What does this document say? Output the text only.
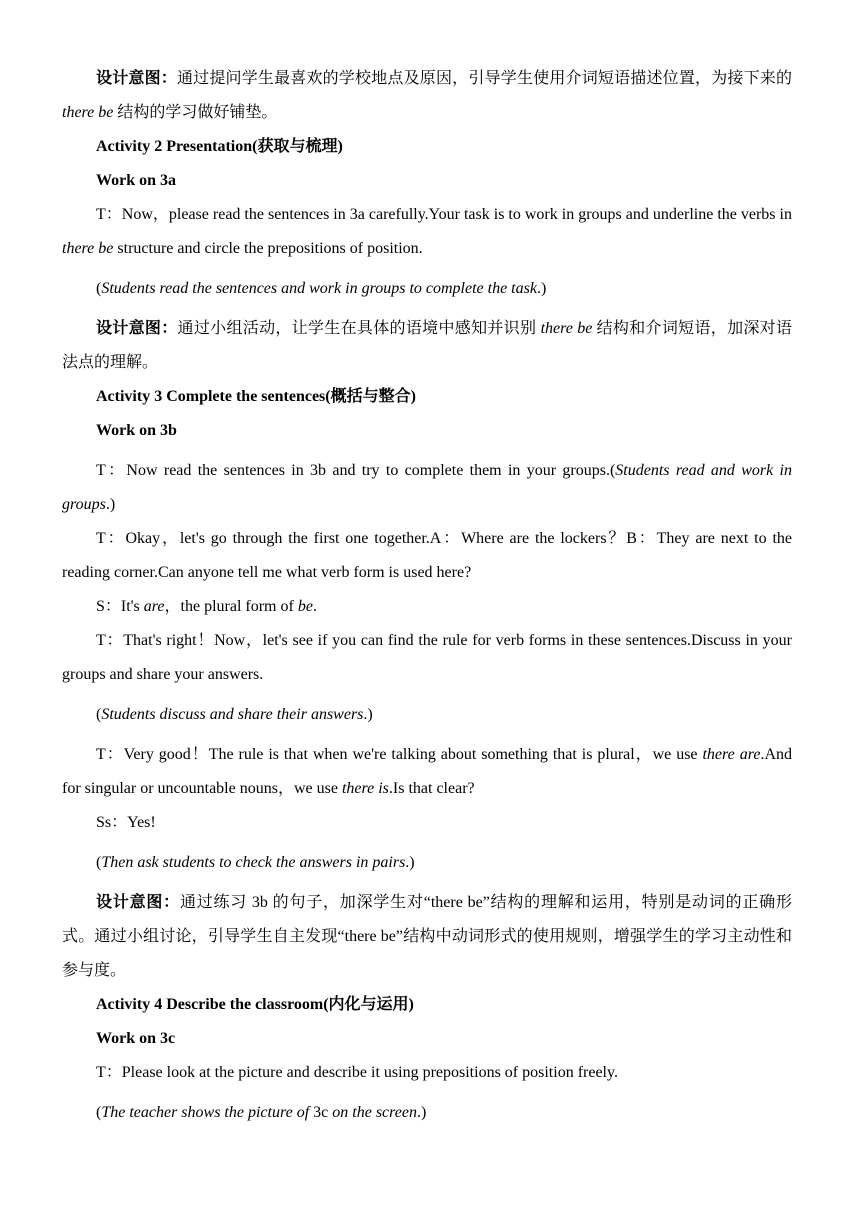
设计意图：通过提问学生最喜欢的学校地点及原因，引导学生使用介词短语描述位置，为接下来的 there be 结构的学习做好铺垫。

Activity 2 Presentation(获取与梳理)

Work on 3a

T：Now，please read the sentences in 3a carefully.Your task is to work in groups and underline the verbs in there be structure and circle the prepositions of position.

(Students read the sentences and work in groups to complete the task.)

设计意图：通过小组活动，让学生在具体的语境中感知并识别 there be 结构和介词短语，加深对语法点的理解。

Activity 3 Complete the sentences(概括与整合)

Work on 3b

T：Now read the sentences in 3b and try to complete them in your groups.(Students read and work in groups.)

T：Okay，let's go through the first one together.A：Where are the lockers？B：They are next to the reading corner.Can anyone tell me what verb form is used here?

S：It's are，the plural form of be.

T：That's right！Now，let's see if you can find the rule for verb forms in these sentences.Discuss in your groups and share your answers.

(Students discuss and share their answers.)

T：Very good！The rule is that when we're talking about something that is plural，we use there are.And for singular or uncountable nouns，we use there is.Is that clear?

Ss：Yes!

(Then ask students to check the answers in pairs.)

设计意图：通过练习 3b 的句子，加深学生对“there be”结构的理解和运用，特别是动词的正确形式。通过小组讨论，引导学生自主发现“there be”结构中动词形式的使用规则，增强学生的学习主动性和参与度。

Activity 4 Describe the classroom(内化与运用)

Work on 3c

T：Please look at the picture and describe it using prepositions of position freely.

(The teacher shows the picture of 3c on the screen.)
